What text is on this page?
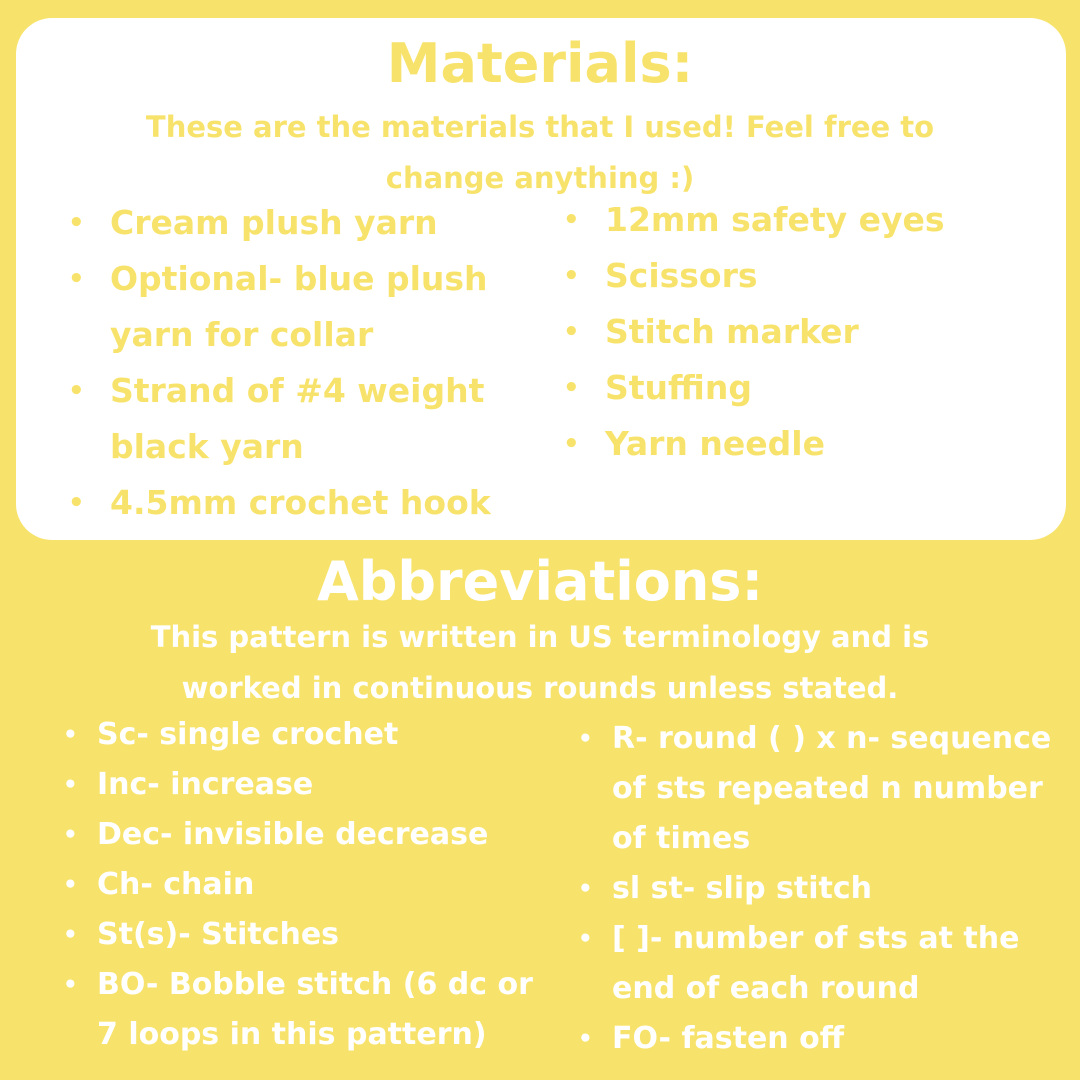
Materials:

These are the materials that I used! Feel free to
change anything :)

• Cream plush yarn
• Optional- blue plush yarn for collar
• Strand of #4 weight black yarn
• 4.5mm crochet hook
• 12mm safety eyes
• Scissors
• Stitch marker
• Stuffing
• Yarn needle
Abbreviations:

This pattern is written in US terminology and is
worked in continuous rounds unless stated.

• Sc- single crochet
• Inc- increase
• Dec- invisible decrease
• Ch- chain
• St(s)- Stitches
• BO- Bobble stitch (6 dc or 7 loops in this pattern)
• R- round ( ) x n- sequence of sts repeated n number of times
• sl st- slip stitch
• [ ]- number of sts at the end of each round
• FO- fasten off
